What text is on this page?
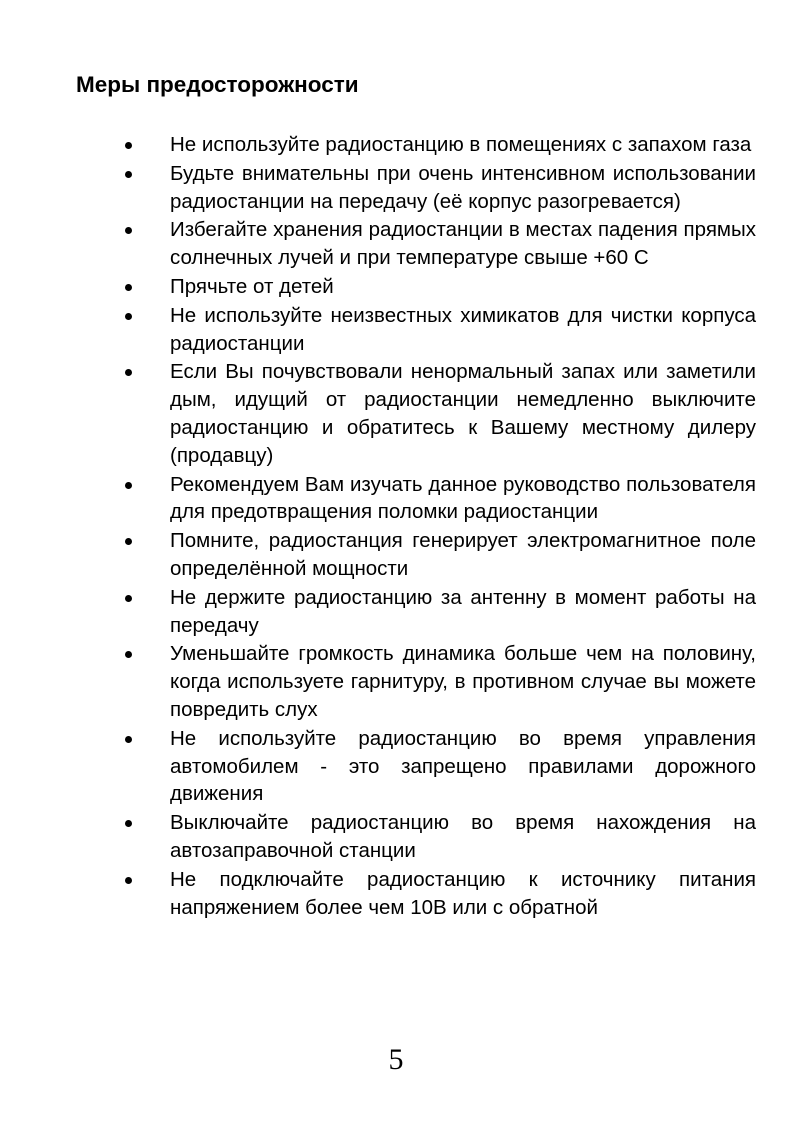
Меры предосторожности
Не используйте радиостанцию в помещениях с запахом газа
Будьте внимательны при очень интенсивном использовании радиостанции на передачу (её корпус разогревается)
Избегайте хранения радиостанции в местах падения прямых солнечных лучей и при температуре свыше +60 С
Прячьте от детей
Не используйте неизвестных химикатов для чистки корпуса радиостанции
Если Вы почувствовали ненормальный запах или заметили дым, идущий от радиостанции немедленно выключите радиостанцию и обратитесь к Вашему местному дилеру (продавцу)
Рекомендуем Вам изучать данное руководство пользователя для предотвращения поломки радиостанции
Помните, радиостанция генерирует электромагнитное поле определённой мощности
Не держите радиостанцию за антенну в момент работы на передачу
Уменьшайте громкость динамика больше чем на половину, когда используете гарнитуру, в противном случае вы можете повредить слух
Не используйте радиостанцию во время управления автомобилем - это запрещено правилами дорожного движения
Выключайте радиостанцию во время нахождения на автозаправочной станции
Не подключайте радиостанцию к источнику питания напряжением более чем 10В или с обратной
5
